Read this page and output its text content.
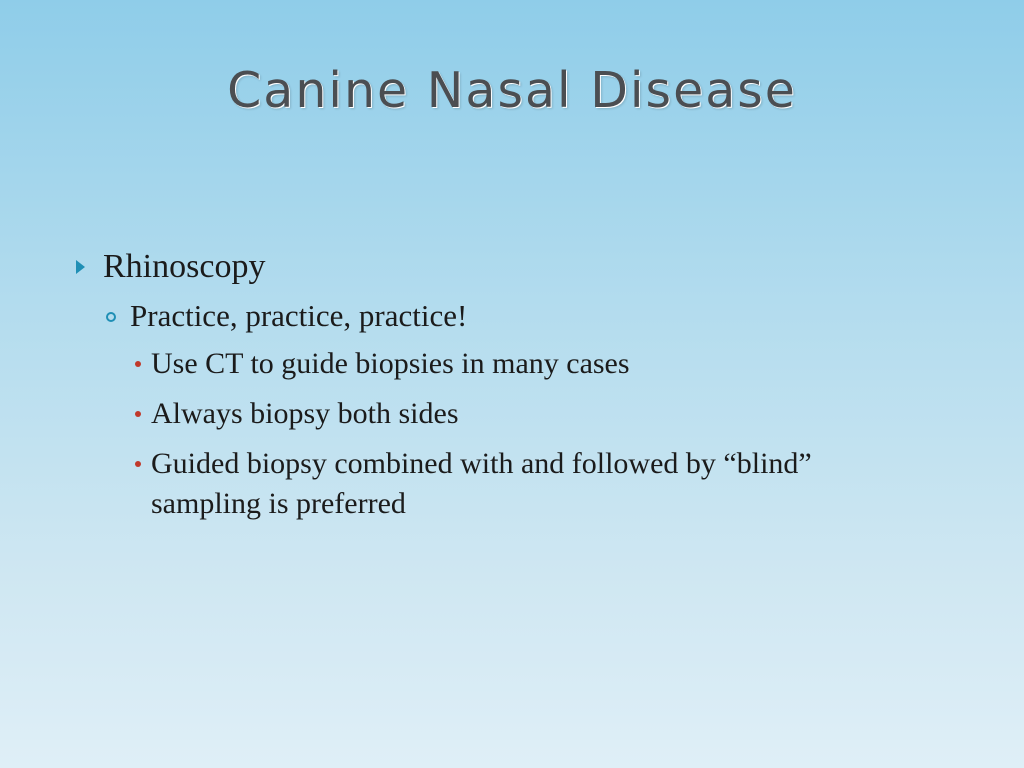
Canine Nasal Disease
Rhinoscopy
Practice, practice, practice!
Use CT to guide biopsies in many cases
Always biopsy both sides
Guided biopsy combined with and followed by “blind” sampling is preferred
